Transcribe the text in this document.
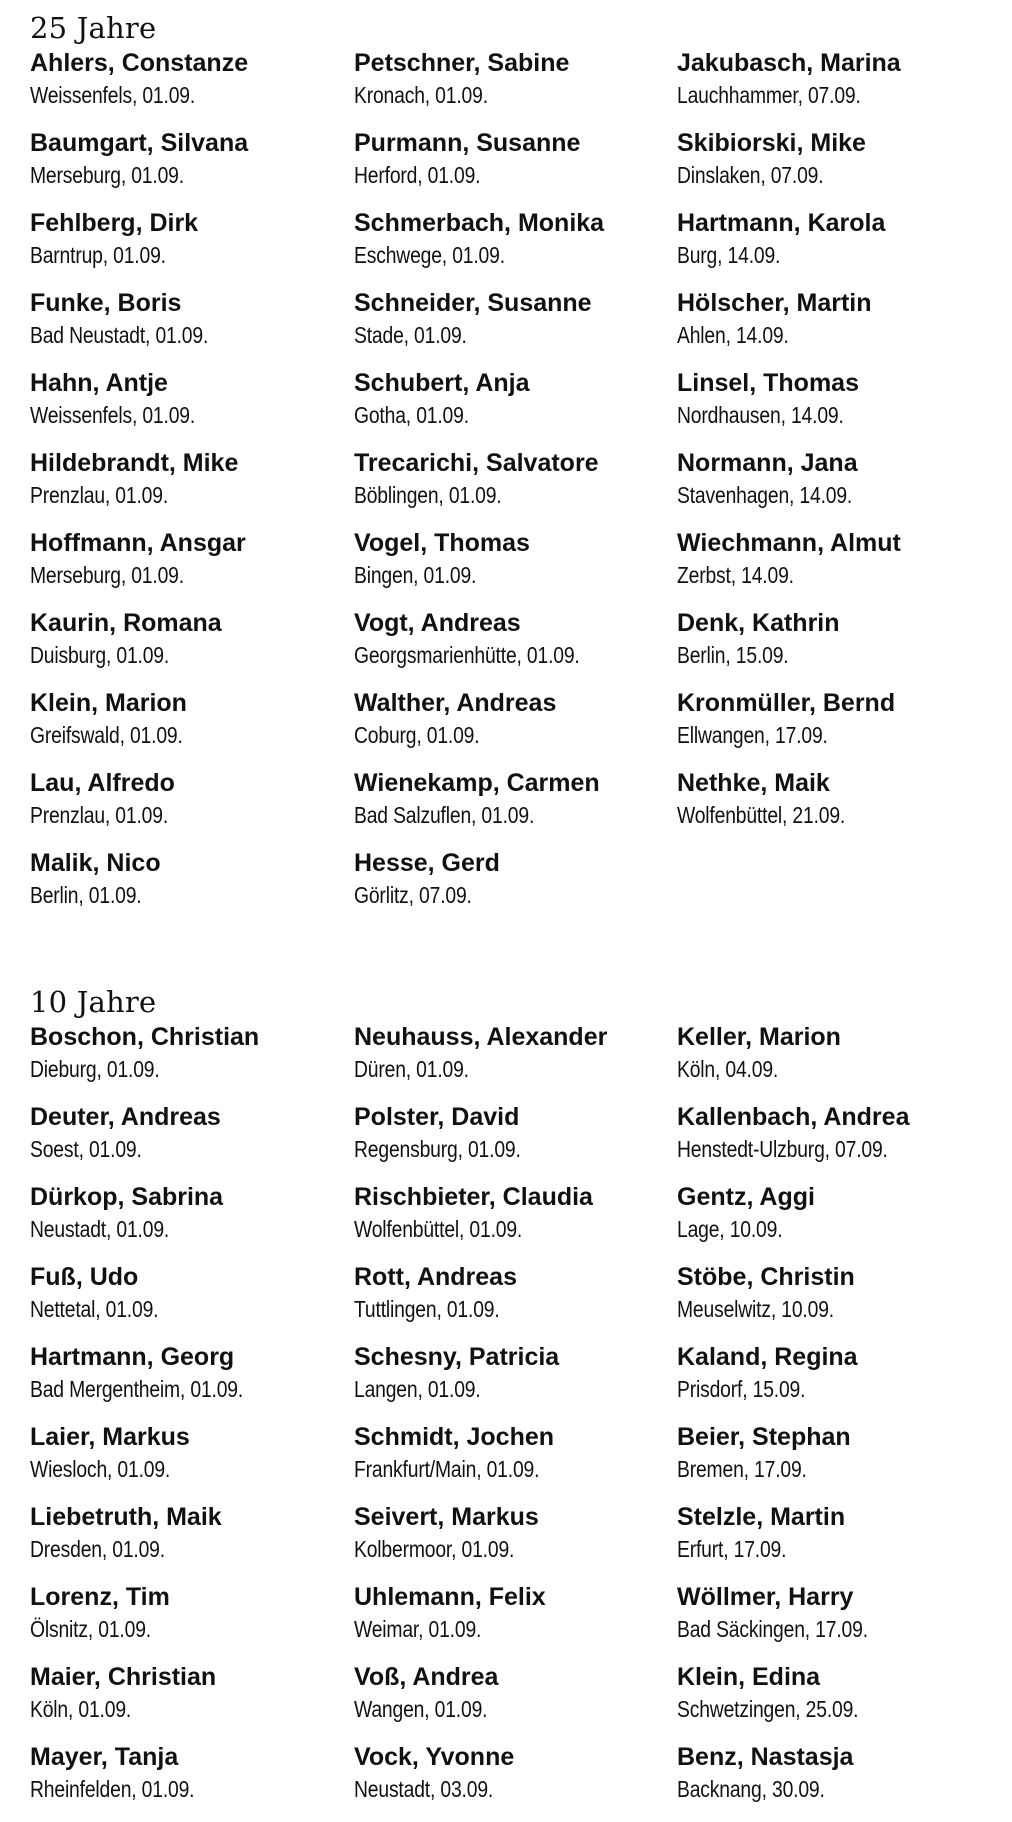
25 Jahre
Ahlers, Constanze
Weissenfels, 01.09.
Baumgart, Silvana
Merseburg, 01.09.
Fehlberg, Dirk
Barntrup, 01.09.
Funke, Boris
Bad Neustadt, 01.09.
Hahn, Antje
Weissenfels, 01.09.
Hildebrandt, Mike
Prenzlau, 01.09.
Hoffmann, Ansgar
Merseburg, 01.09.
Kaurin, Romana
Duisburg, 01.09.
Klein, Marion
Greifswald, 01.09.
Lau, Alfredo
Prenzlau, 01.09.
Malik, Nico
Berlin, 01.09.
Petschner, Sabine
Kronach, 01.09.
Purmann, Susanne
Herford, 01.09.
Schmerbach, Monika
Eschwege, 01.09.
Schneider, Susanne
Stade, 01.09.
Schubert, Anja
Gotha, 01.09.
Trecarichi, Salvatore
Böblingen, 01.09.
Vogel, Thomas
Bingen, 01.09.
Vogt, Andreas
Georgsmarienhütte, 01.09.
Walther, Andreas
Coburg, 01.09.
Wienekamp, Carmen
Bad Salzuflen, 01.09.
Hesse, Gerd
Görlitz, 07.09.
Jakubasch, Marina
Lauchhammer, 07.09.
Skibiorski, Mike
Dinslaken, 07.09.
Hartmann, Karola
Burg, 14.09.
Hölscher, Martin
Ahlen, 14.09.
Linsel, Thomas
Nordhausen, 14.09.
Normann, Jana
Stavenhagen, 14.09.
Wiechmann, Almut
Zerbst, 14.09.
Denk, Kathrin
Berlin, 15.09.
Kronmüller, Bernd
Ellwangen, 17.09.
Nethke, Maik
Wolfenbüttel, 21.09.
10 Jahre
Boschon, Christian
Dieburg, 01.09.
Deuter, Andreas
Soest, 01.09.
Dürkop, Sabrina
Neustadt, 01.09.
Fuß, Udo
Nettetal, 01.09.
Hartmann, Georg
Bad Mergentheim, 01.09.
Laier, Markus
Wiesloch, 01.09.
Liebetruth, Maik
Dresden, 01.09.
Lorenz, Tim
Ölsnitz, 01.09.
Maier, Christian
Köln, 01.09.
Mayer, Tanja
Rheinfelden, 01.09.
Neuhauss, Alexander
Düren, 01.09.
Polster, David
Regensburg, 01.09.
Rischbieter, Claudia
Wolfenbüttel, 01.09.
Rott, Andreas
Tuttlingen, 01.09.
Schesny, Patricia
Langen, 01.09.
Schmidt, Jochen
Frankfurt/Main, 01.09.
Seivert, Markus
Kolbermoor, 01.09.
Uhlemann, Felix
Weimar, 01.09.
Voß, Andrea
Wangen, 01.09.
Vock, Yvonne
Neustadt, 03.09.
Keller, Marion
Köln, 04.09.
Kallenbach, Andrea
Henstedt-Ulzburg, 07.09.
Gentz, Aggi
Lage, 10.09.
Stöbe, Christin
Meuselwitz, 10.09.
Kaland, Regina
Prisdorf, 15.09.
Beier, Stephan
Bremen, 17.09.
Stelzle, Martin
Erfurt, 17.09.
Wöllmer, Harry
Bad Säckingen, 17.09.
Klein, Edina
Schwetzingen, 25.09.
Benz, Nastasja
Backnang, 30.09.
